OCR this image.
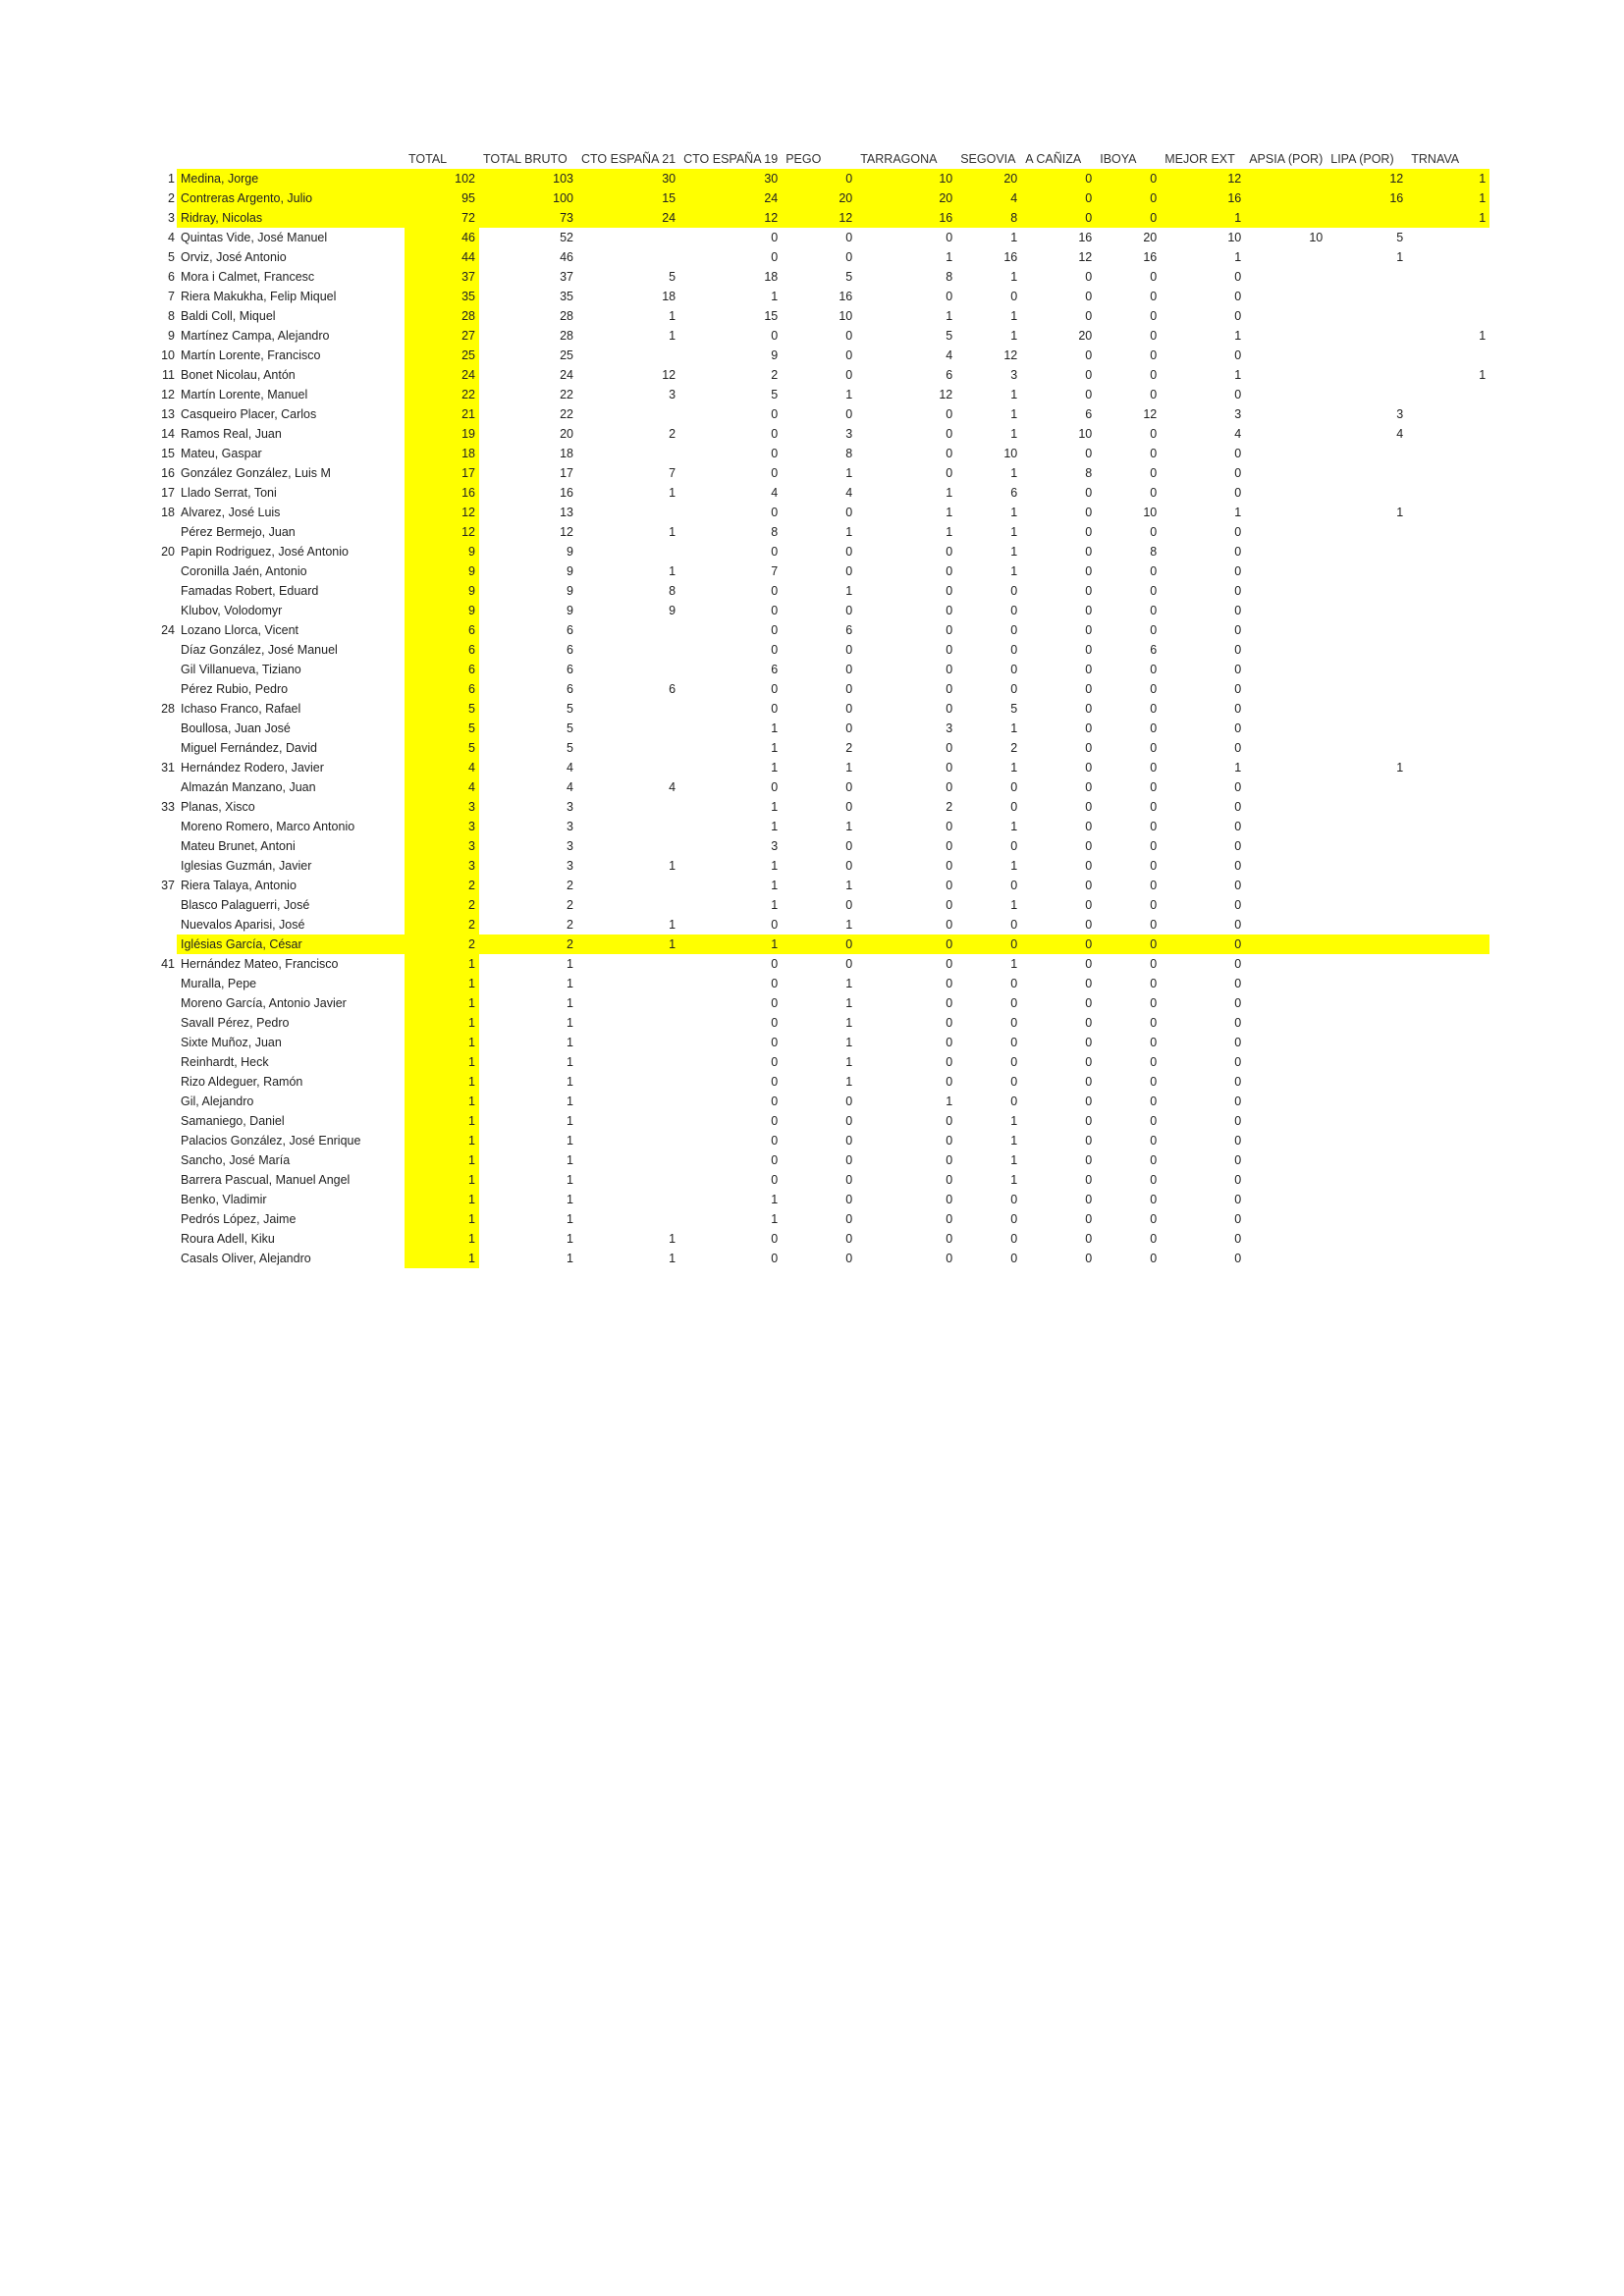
		TOTAL	TOTAL BRUTO	CTO ESPAÑA 21	CTO ESPAÑA 19	PEGO	TARRAGONA	SEGOVIA	A CAÑIZA	IBOYA	MEJOR EXT	APSIA (POR)	LIPA (POR)	TRNAVA
1	Medina, Jorge	102	103	30	30	0	10	20	0	0	12		12	1
2	Contreras Argento, Julio	95	100	15	24	20	20	4	0	0	16		16	1
3	Ridray, Nicolas	72	73	24	12	12	16	8	0	0	1			1
4	Quintas Vide, José Manuel	46	52		0	0	0	1	16	20	10	10	5	
5	Orviz, José Antonio	44	46		0	0	1	16	12	16	1		1	
6	Mora i Calmet, Francesc	37	37	5	18	5	8	1	0	0	0			
7	Riera Makukha, Felip Miquel	35	35	18	1	16	0	0	0	0	0			
8	Baldi Coll, Miquel	28	28	1	15	10	1	1	0	0	0			
9	Martínez Campa, Alejandro	27	28	1	0	0	5	1	20	0	1			1
10	Martín Lorente, Francisco	25	25		9	0	4	12	0	0	0			
11	Bonet Nicolau, Antón	24	24	12	2	0	6	3	0	0	1			1
12	Martín Lorente, Manuel	22	22	3	5	1	12	1	0	0	0			
13	Casqueiro Placer, Carlos	21	22		0	0	0	1	6	12	3		3	
14	Ramos Real, Juan	19	20	2	0	3	0	1	10	0	4		4	
15	Mateu, Gaspar	18	18		0	8	0	10	0	0	0			
16	González González, Luis M	17	17	7	0	1	0	1	8	0	0			
17	Llado Serrat, Toni	16	16	1	4	4	1	6	0	0	0			
18	Alvarez, José Luis	12	13		0	0	1	1	0	10	1		1	
	Pérez Bermejo, Juan	12	12	1	8	1	1	1	0	0	0			
20	Papin Rodriguez, José Antonio	9	9		0	0	0	1	0	8	0			
	Coronilla Jaén, Antonio	9	9	1	7	0	0	1	0	0	0			
	Famadas Robert, Eduard	9	9	8	0	1	0	0	0	0	0			
	Klubov, Volodomyr	9	9	9	0	0	0	0	0	0	0			
24	Lozano Llorca, Vicent	6	6		0	6	0	0	0	0	0			
	Díaz González, José Manuel	6	6		0	0	0	0	0	6	0			
	Gil Villanueva, Tiziano	6	6		6	0	0	0	0	0	0			
	Pérez Rubio, Pedro	6	6	6	0	0	0	0	0	0	0			
28	Ichaso Franco, Rafael	5	5		0	0	0	5	0	0	0			
	Boullosa, Juan José	5	5		1	0	3	1	0	0	0			
	Miguel Fernández, David	5	5		1	2	0	2	0	0	0			
31	Hernández Rodero, Javier	4	4		1	1	0	1	0	0	1		1	
	Almazán Manzano, Juan	4	4	4	0	0	0	0	0	0	0			
33	Planas, Xisco	3	3		1	0	2	0	0	0	0			
	Moreno Romero, Marco Antonio	3	3		1	1	0	1	0	0	0			
	Mateu Brunet, Antoni	3	3		3	0	0	0	0	0	0			
	Iglesias Guzmán, Javier	3	3	1	1	0	0	1	0	0	0			
37	Riera Talaya, Antonio	2	2		1	1	0	0	0	0	0			
	Blasco Palaguerri, José	2	2		1	0	0	1	0	0	0			
	Nuevalos Aparisi, José	2	2	1	0	1	0	0	0	0	0			
	Iglésias García, César	2	2	1	1	0	0	0	0	0	0			
41	Hernández Mateo, Francisco	1	1		0	0	0	1	0	0	0			
	Muralla, Pepe	1	1		0	1	0	0	0	0	0			
	Moreno García, Antonio Javier	1	1		0	1	0	0	0	0	0			
	Savall Pérez, Pedro	1	1		0	1	0	0	0	0	0			
	Sixte Muñoz, Juan	1	1		0	1	0	0	0	0	0			
	Reinhardt, Heck	1	1		0	1	0	0	0	0	0			
	Rizo Aldeguer, Ramón	1	1		0	1	0	0	0	0	0			
	Gil, Alejandro	1	1		0	0	1	0	0	0	0			
	Samaniego, Daniel	1	1		0	0	0	1	0	0	0			
	Palacios González, José Enrique	1	1		0	0	0	1	0	0	0			
	Sancho, José María	1	1		0	0	0	1	0	0	0			
	Barrera Pascual, Manuel Angel	1	1		0	0	0	1	0	0	0			
	Benko, Vladimir	1	1		1	0	0	0	0	0	0			
	Pedrós López, Jaime	1	1		1	0	0	0	0	0	0			
	Roura Adell, Kiku	1	1	1	0	0	0	0	0	0	0			
	Casals Oliver, Alejandro	1	1	1	0	0	0	0	0	0	0			
